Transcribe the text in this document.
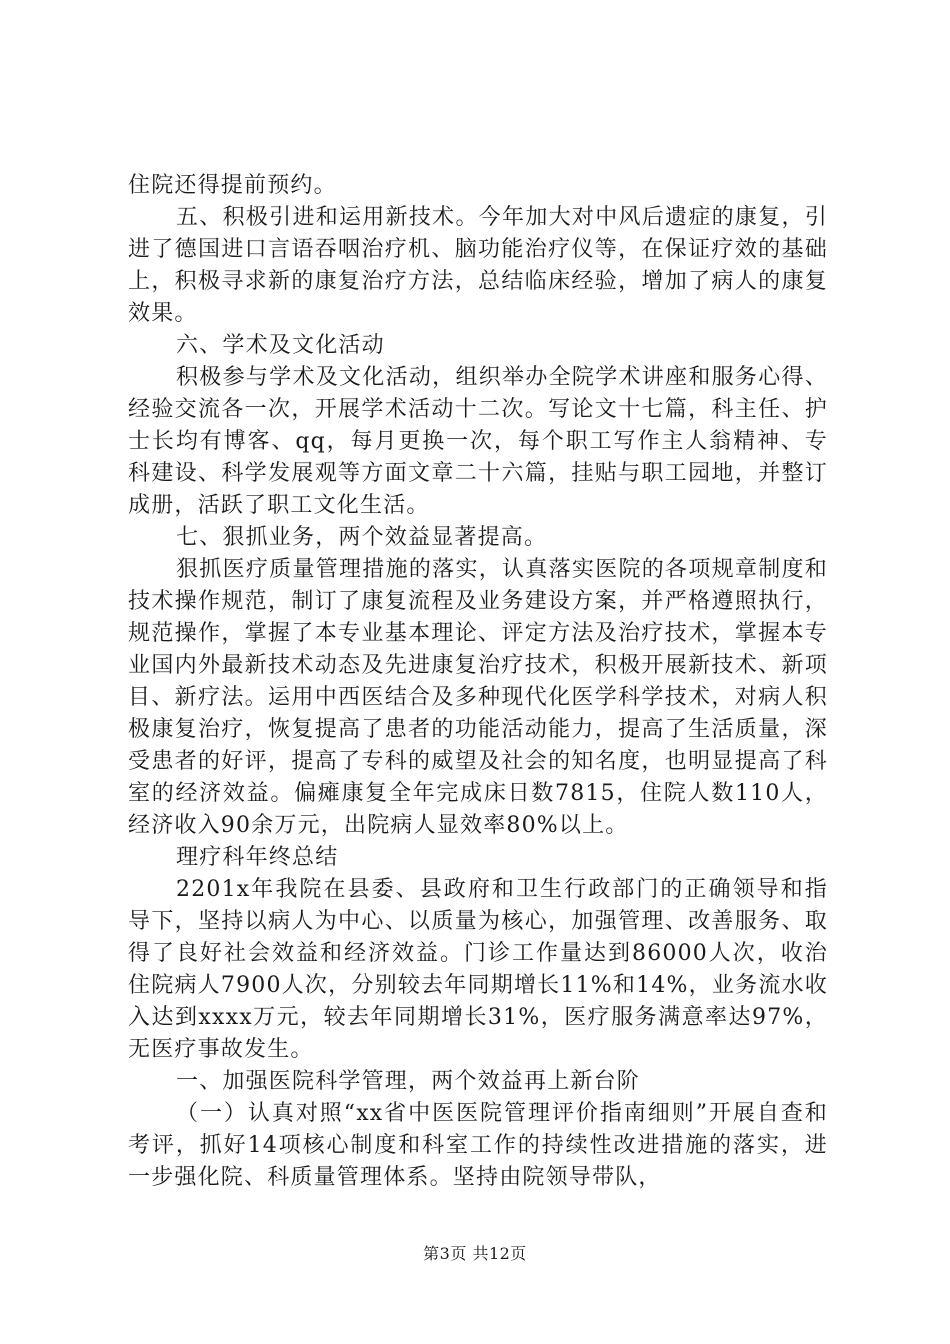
住院还得提前预约。

五、积极引进和运用新技术。今年加大对中风后遗症的康复，引进了德国进口言语吞咽治疗机、脑功能治疗仪等，在保证疗效的基础上，积极寻求新的康复治疗方法，总结临床经验，增加了病人的康复效果。

六、学术及文化活动

积极参与学术及文化活动，组织举办全院学术讲座和服务心得、经验交流各一次，开展学术活动十二次。写论文十七篇，科主任、护士长均有博客、qq，每月更换一次，每个职工写作主人翁精神、专科建设、科学发展观等方面文章二十六篇，挂贴与职工园地，并整订成册，活跃了职工文化生活。

七、狠抓业务，两个效益显著提高。

狠抓医疗质量管理措施的落实，认真落实医院的各项规章制度和技术操作规范，制订了康复流程及业务建设方案，并严格遵照执行，规范操作，掌握了本专业基本理论、评定方法及治疗技术，掌握本专业国内外最新技术动态及先进康复治疗技术，积极开展新技术、新项目、新疗法。运用中西医结合及多种现代化医学科学技术，对病人积极康复治疗，恢复提高了患者的功能活动能力，提高了生活质量，深受患者的好评，提高了专科的威望及社会的知名度，也明显提高了科室的经济效益。偏瘫康复全年完成床日数7815，住院人数110人，经济收入90余万元，出院病人显效率80%以上。

理疗科年终总结

2201x年我院在县委、县政府和卫生行政部门的正确领导和指导下，坚持以病人为中心、以质量为核心，加强管理、改善服务、取得了良好社会效益和经济效益。门诊工作量达到86000人次，收治住院病人7900人次，分别较去年同期增长11%和14%，业务流水收入达到xxxx万元，较去年同期增长31%，医疗服务满意率达97%，无医疗事故发生。

一、加强医院科学管理，两个效益再上新台阶

（一）认真对照“xx省中医医院管理评价指南细则”开展自查和考评，抓好14项核心制度和科室工作的持续性改进措施的落实，进一步强化院、科质量管理体系。坚持由院领导带队，

第3页 共12页
